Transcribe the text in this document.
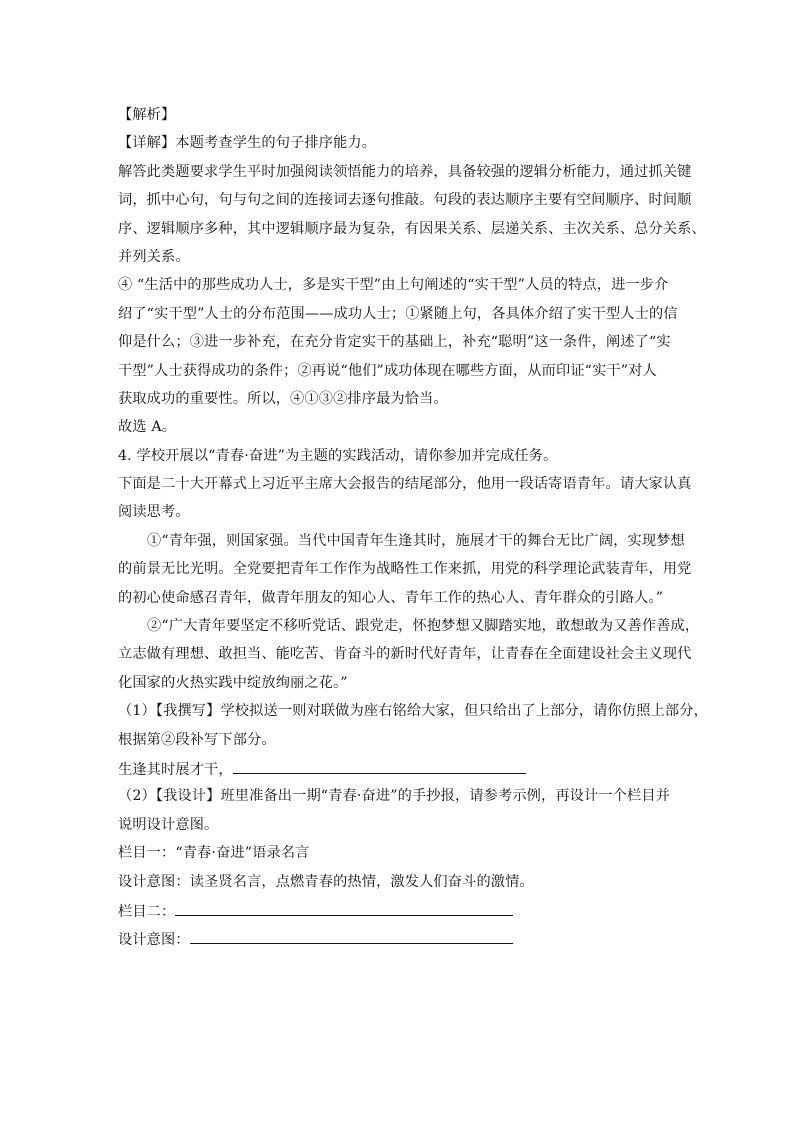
【解析】
【详解】本题考查学生的句子排序能力。
解答此类题要求学生平时加强阅读领悟能力的培养，具备较强的逻辑分析能力，通过抓关键
词，抓中心句，句与句之间的连接词去逐句推敲。句段的表达顺序主要有空间顺序、时间顺
序、逻辑顺序多种，其中逻辑顺序最为复杂，有因果关系、层递关系、主次关系、总分关系、
并列关系。
④ “生活中的那些成功人士，多是实干型”由上句阐述的“实干型”人员的特点，进一步介
绍了“实干型”人士的分布范围——成功人士；①紧随上句，各具体介绍了实干型人士的信
仰是什么；③进一步补充，在充分肯定实干的基础上，补充“聪明”这一条件，阐述了“实
干型”人士获得成功的条件；②再说“他们”成功体现在哪些方面，从而印证“实干”对人
获取成功的重要性。所以，④①③②排序最为恰当。
故选 A。
4. 学校开展以“青春·奋进”为主题的实践活动，请你参加并完成任务。
下面是二十大开幕式上习近平主席大会报告的结尾部分，他用一段话寄语青年。请大家认真
阅读思考。
①“青年强，则国家强。当代中国青年生逢其时，施展才干的舞台无比广阔，实现梦想
的前景无比光明。全党要把青年工作作为战略性工作来抓，用党的科学理论武装青年，用党
的初心使命感召青年，做青年朋友的知心人、青年工作的热心人、青年群众的引路人。”
②“广大青年要坚定不移听党话、跟党走，怀抱梦想又脚踏实地，敢想敢为又善作善成，
立志做有理想、敢担当、能吃苦、肯奋斗的新时代好青年，让青春在全面建设社会主义现代
化国家的火热实践中绽放绚丽之花。”
（1）【我撰写】学校拟送一则对联做为座右铭给大家，但只给出了上部分，请你仿照上部分，
根据第②段补写下部分。
生逢其时展才干，
（2）【我设计】班里准备出一期“青春·奋进”的手抄报，请参考示例，再设计一个栏目并
说明设计意图。
栏目一：“青春·奋进”语录名言
设计意图：读圣贤名言，点燃青春的热情，激发人们奋斗的激情。
栏目二：
设计意图：
